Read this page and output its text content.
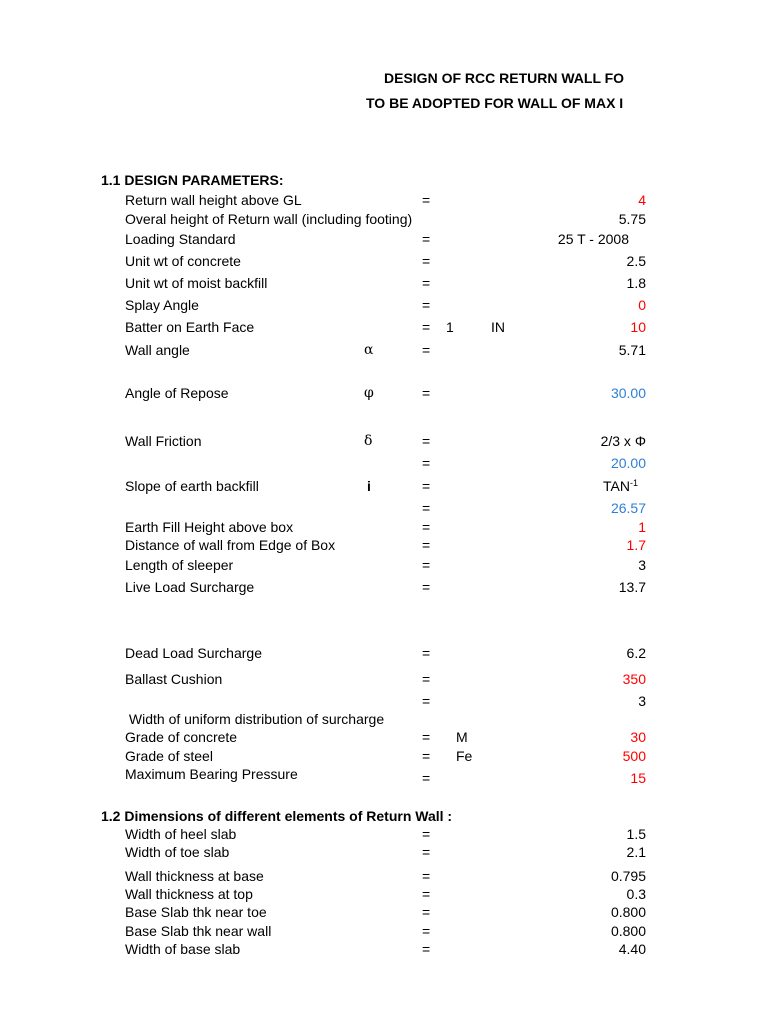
DESIGN OF RCC RETURN WALL FO
TO BE ADOPTED FOR WALL OF MAX I
1.1 DESIGN PARAMETERS:
Return wall height above GL	=	4
Overal height of Return wall (including footing)	5.75
Loading Standard	=	25 T - 2008
Unit wt of concrete	=	2.5
Unit wt of moist backfill	=	1.8
Splay Angle	=	0
Batter on Earth Face	= 1	IN	10
Wall angle	α	=	5.71
Angle of Repose	φ	=	30.00
Wall Friction	δ	=	2/3 x Φ
=	20.00
Slope of earth backfill	i	=	$TAN^{-1}$
=	26.57
Earth Fill Height above box	=	1
Distance of wall from Edge of Box	=	1.7
Length of sleeper	=	3
Live Load Surcharge	=	13.7
Dead Load Surcharge	=	6.2
Ballast Cushion	=	350
=	3
Width of uniform distribution of surcharge
Grade of concrete	= M	30
Grade of steel	= Fe	500
Maximum Bearing Pressure	=	15
1.2 Dimensions of different elements of Return Wall :
Width of heel slab	=	1.5
Width of toe slab	=	2.1
Wall thickness at base	=	0.795
Wall thickness at top	=	0.3
Base Slab thk near toe	=	0.800
Base Slab thk near wall	=	0.800
Width of base slab	=	4.40
